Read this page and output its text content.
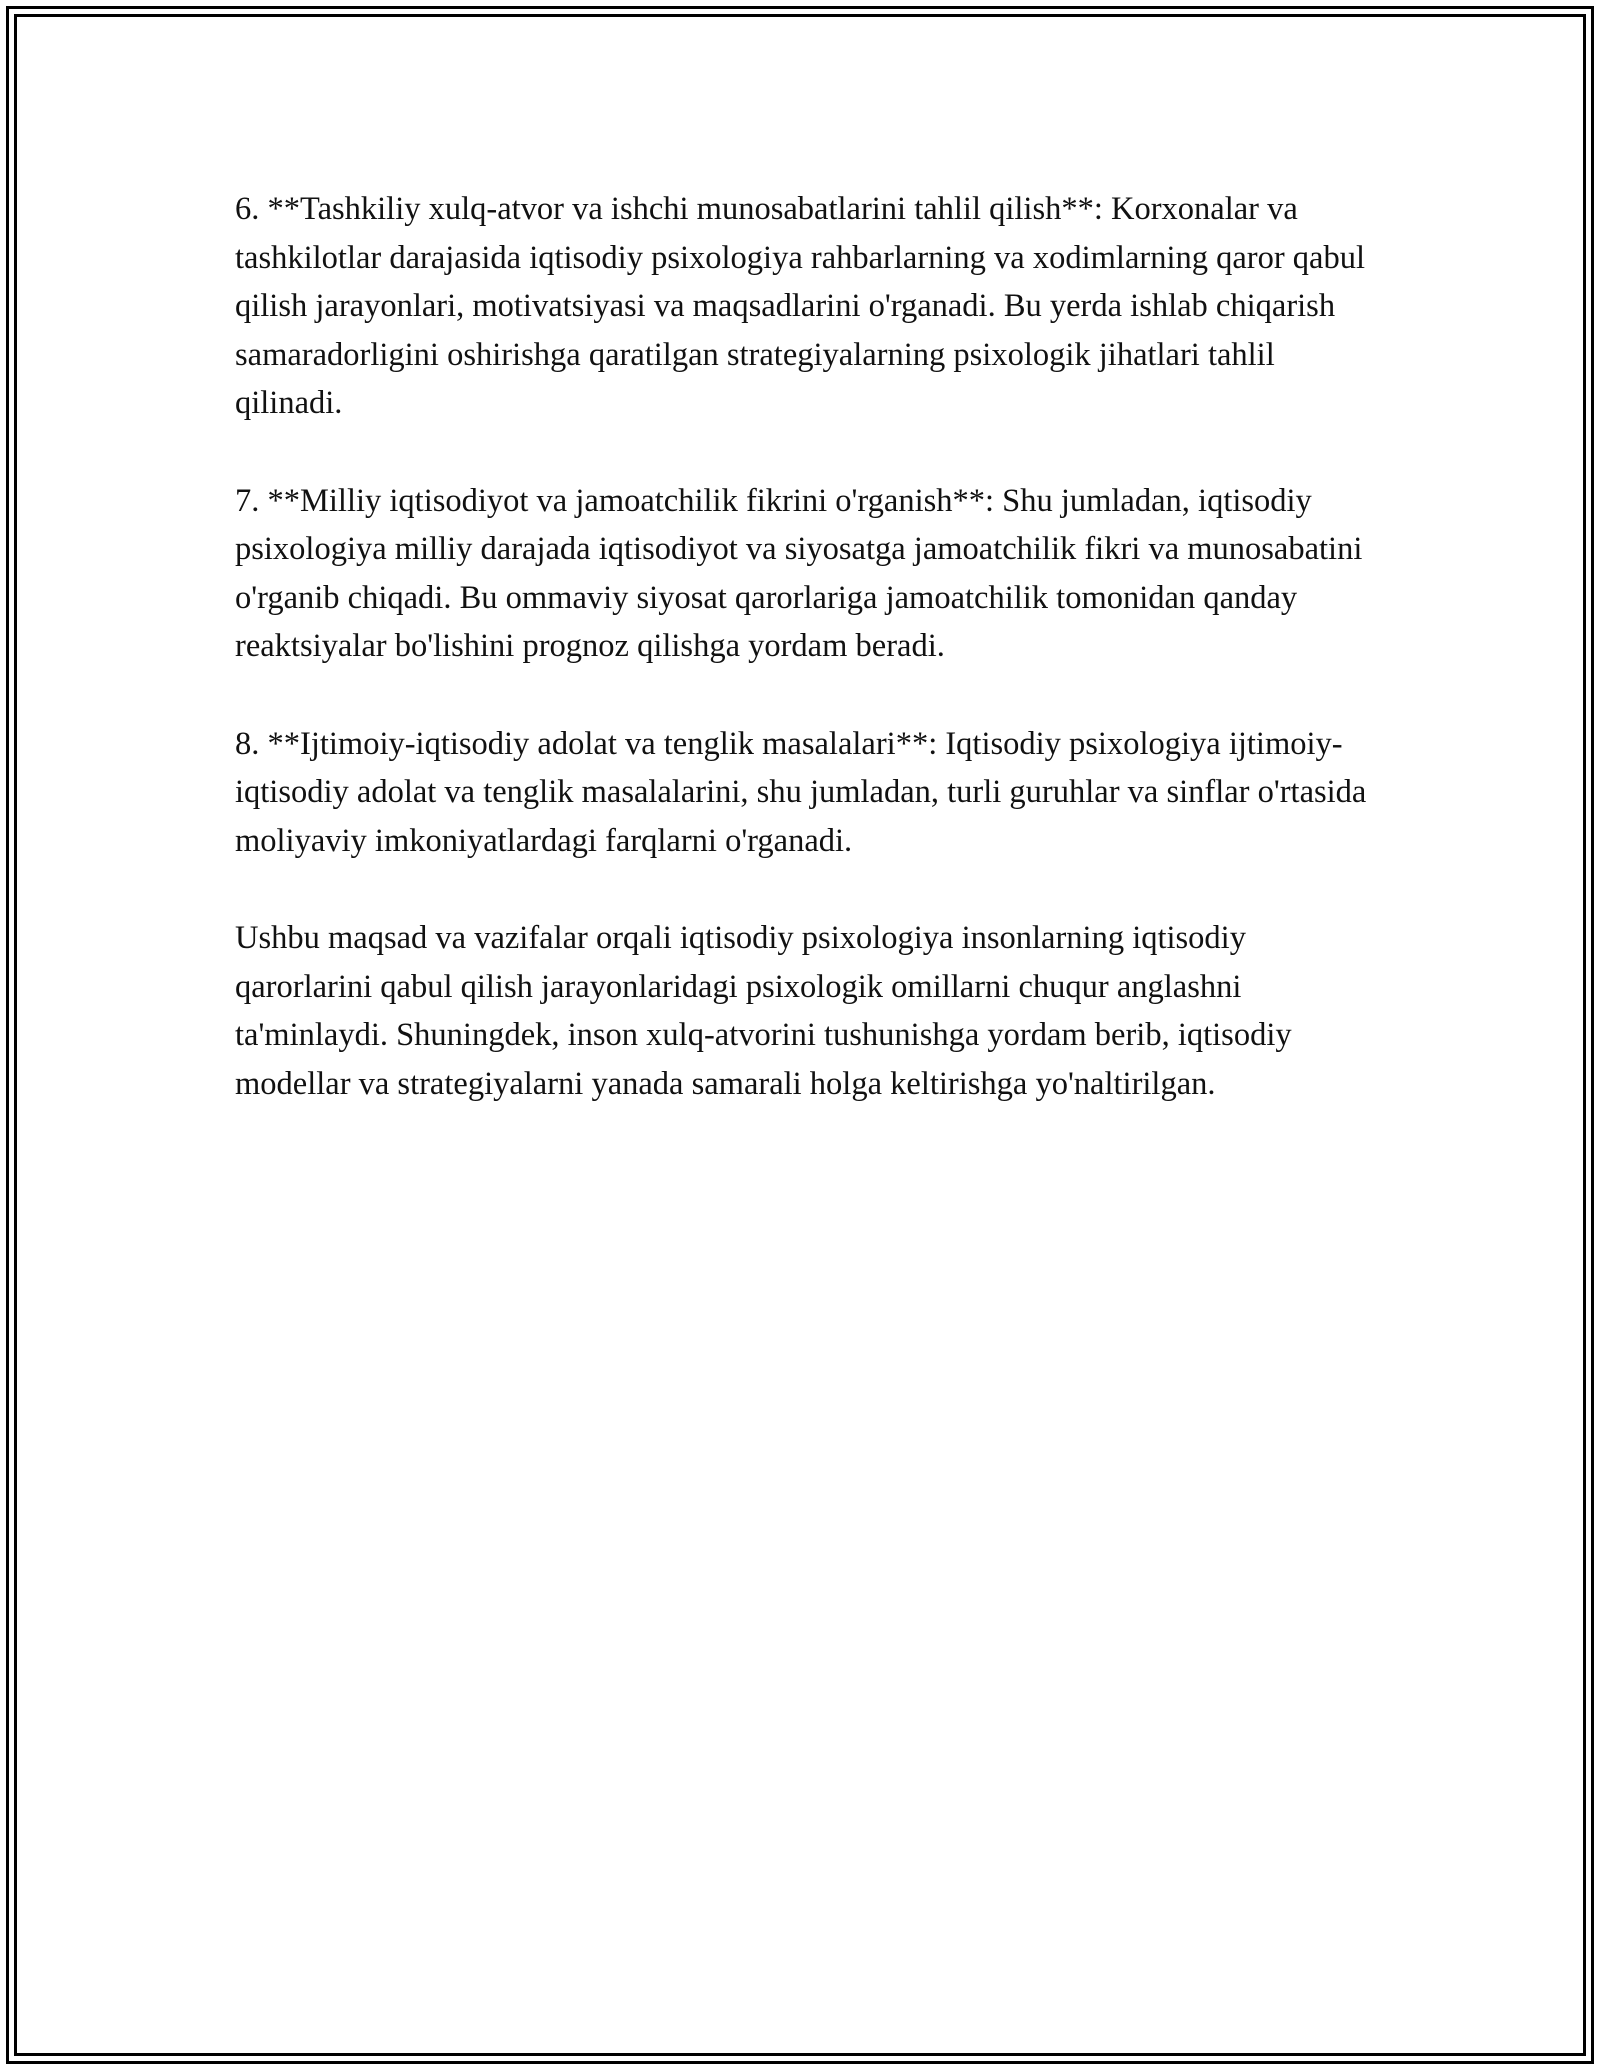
6. **Tashkiliy xulq-atvor va ishchi munosabatlarini tahlil qilish**: Korxonalar va tashkilotlar darajasida iqtisodiy psixologiya rahbarlarning va xodimlarning qaror qabul qilish jarayonlari, motivatsiyasi va maqsadlarini o'rganadi. Bu yerda ishlab chiqarish samaradorligini oshirishga qaratilgan strategiyalarning psixologik jihatlari tahlil qilinadi.

7. **Milliy iqtisodiyot va jamoatchilik fikrini o'rganish**: Shu jumladan, iqtisodiy psixologiya milliy darajada iqtisodiyot va siyosatga jamoatchilik fikri va munosabatini o'rganib chiqadi. Bu ommaviy siyosat qarorlariga jamoatchilik tomonidan qanday reaktsiyalar bo'lishini prognoz qilishga yordam beradi.

8. **Ijtimoiy-iqtisodiy adolat va tenglik masalalari**: Iqtisodiy psixologiya ijtimoiy-iqtisodiy adolat va tenglik masalalarini, shu jumladan, turli guruhlar va sinflar o'rtasida moliyaviy imkoniyatlardagi farqlarni o'rganadi.

Ushbu maqsad va vazifalar orqali iqtisodiy psixologiya insonlarning iqtisodiy qarorlarini qabul qilish jarayonlaridagi psixologik omillarni chuqur anglashni ta'minlaydi. Shuningdek, inson xulq-atvorini tushunishga yordam berib, iqtisodiy modellar va strategiyalarni yanada samarali holga keltirishga yo'naltirilgan.
